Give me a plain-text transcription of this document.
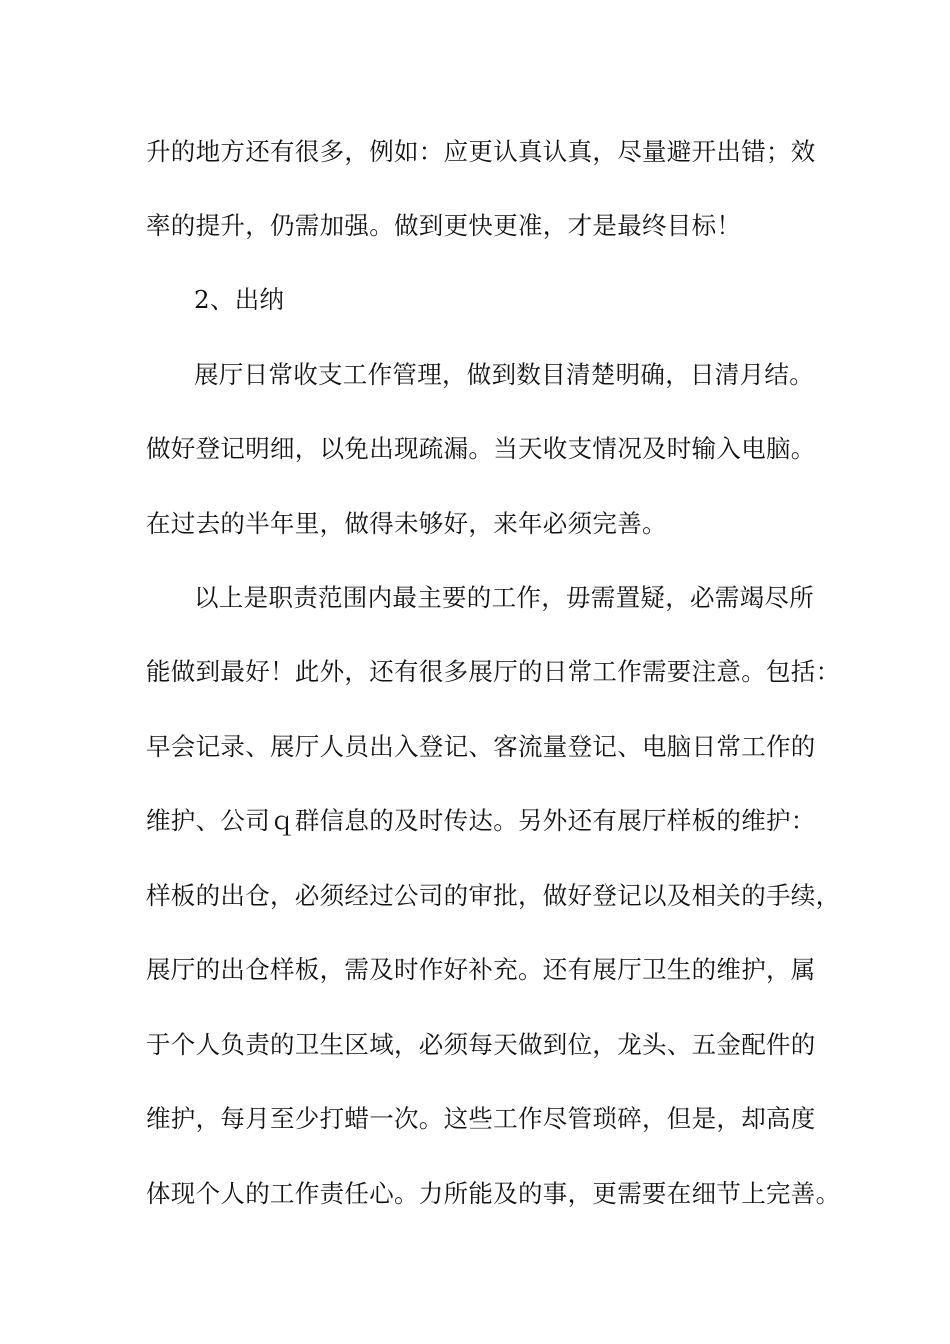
升的地方还有很多，例如：应更认真认真，尽量避开出错；效
率的提升，仍需加强。做到更快更准，才是最终目标！
2、出纳
展厅日常收支工作管理，做到数目清楚明确，日清月结。
做好登记明细，以免出现疏漏。当天收支情况及时输入电脑。
在过去的半年里，做得未够好，来年必须完善。
以上是职责范围内最主要的工作，毋需置疑，必需竭尽所
能做到最好！此外，还有很多展厅的日常工作需要注意。包括：
早会记录、展厅人员出入登记、客流量登记、电脑日常工作的
维护、公司ｑ群信息的及时传达。另外还有展厅样板的维护：
样板的出仓，必须经过公司的审批，做好登记以及相关的手续，
展厅的出仓样板，需及时作好补充。还有展厅卫生的维护，属
于个人负责的卫生区域，必须每天做到位，龙头、五金配件的
维护，每月至少打蜡一次。这些工作尽管琐碎，但是，却高度
体现个人的工作责任心。力所能及的事，更需要在细节上完善。
